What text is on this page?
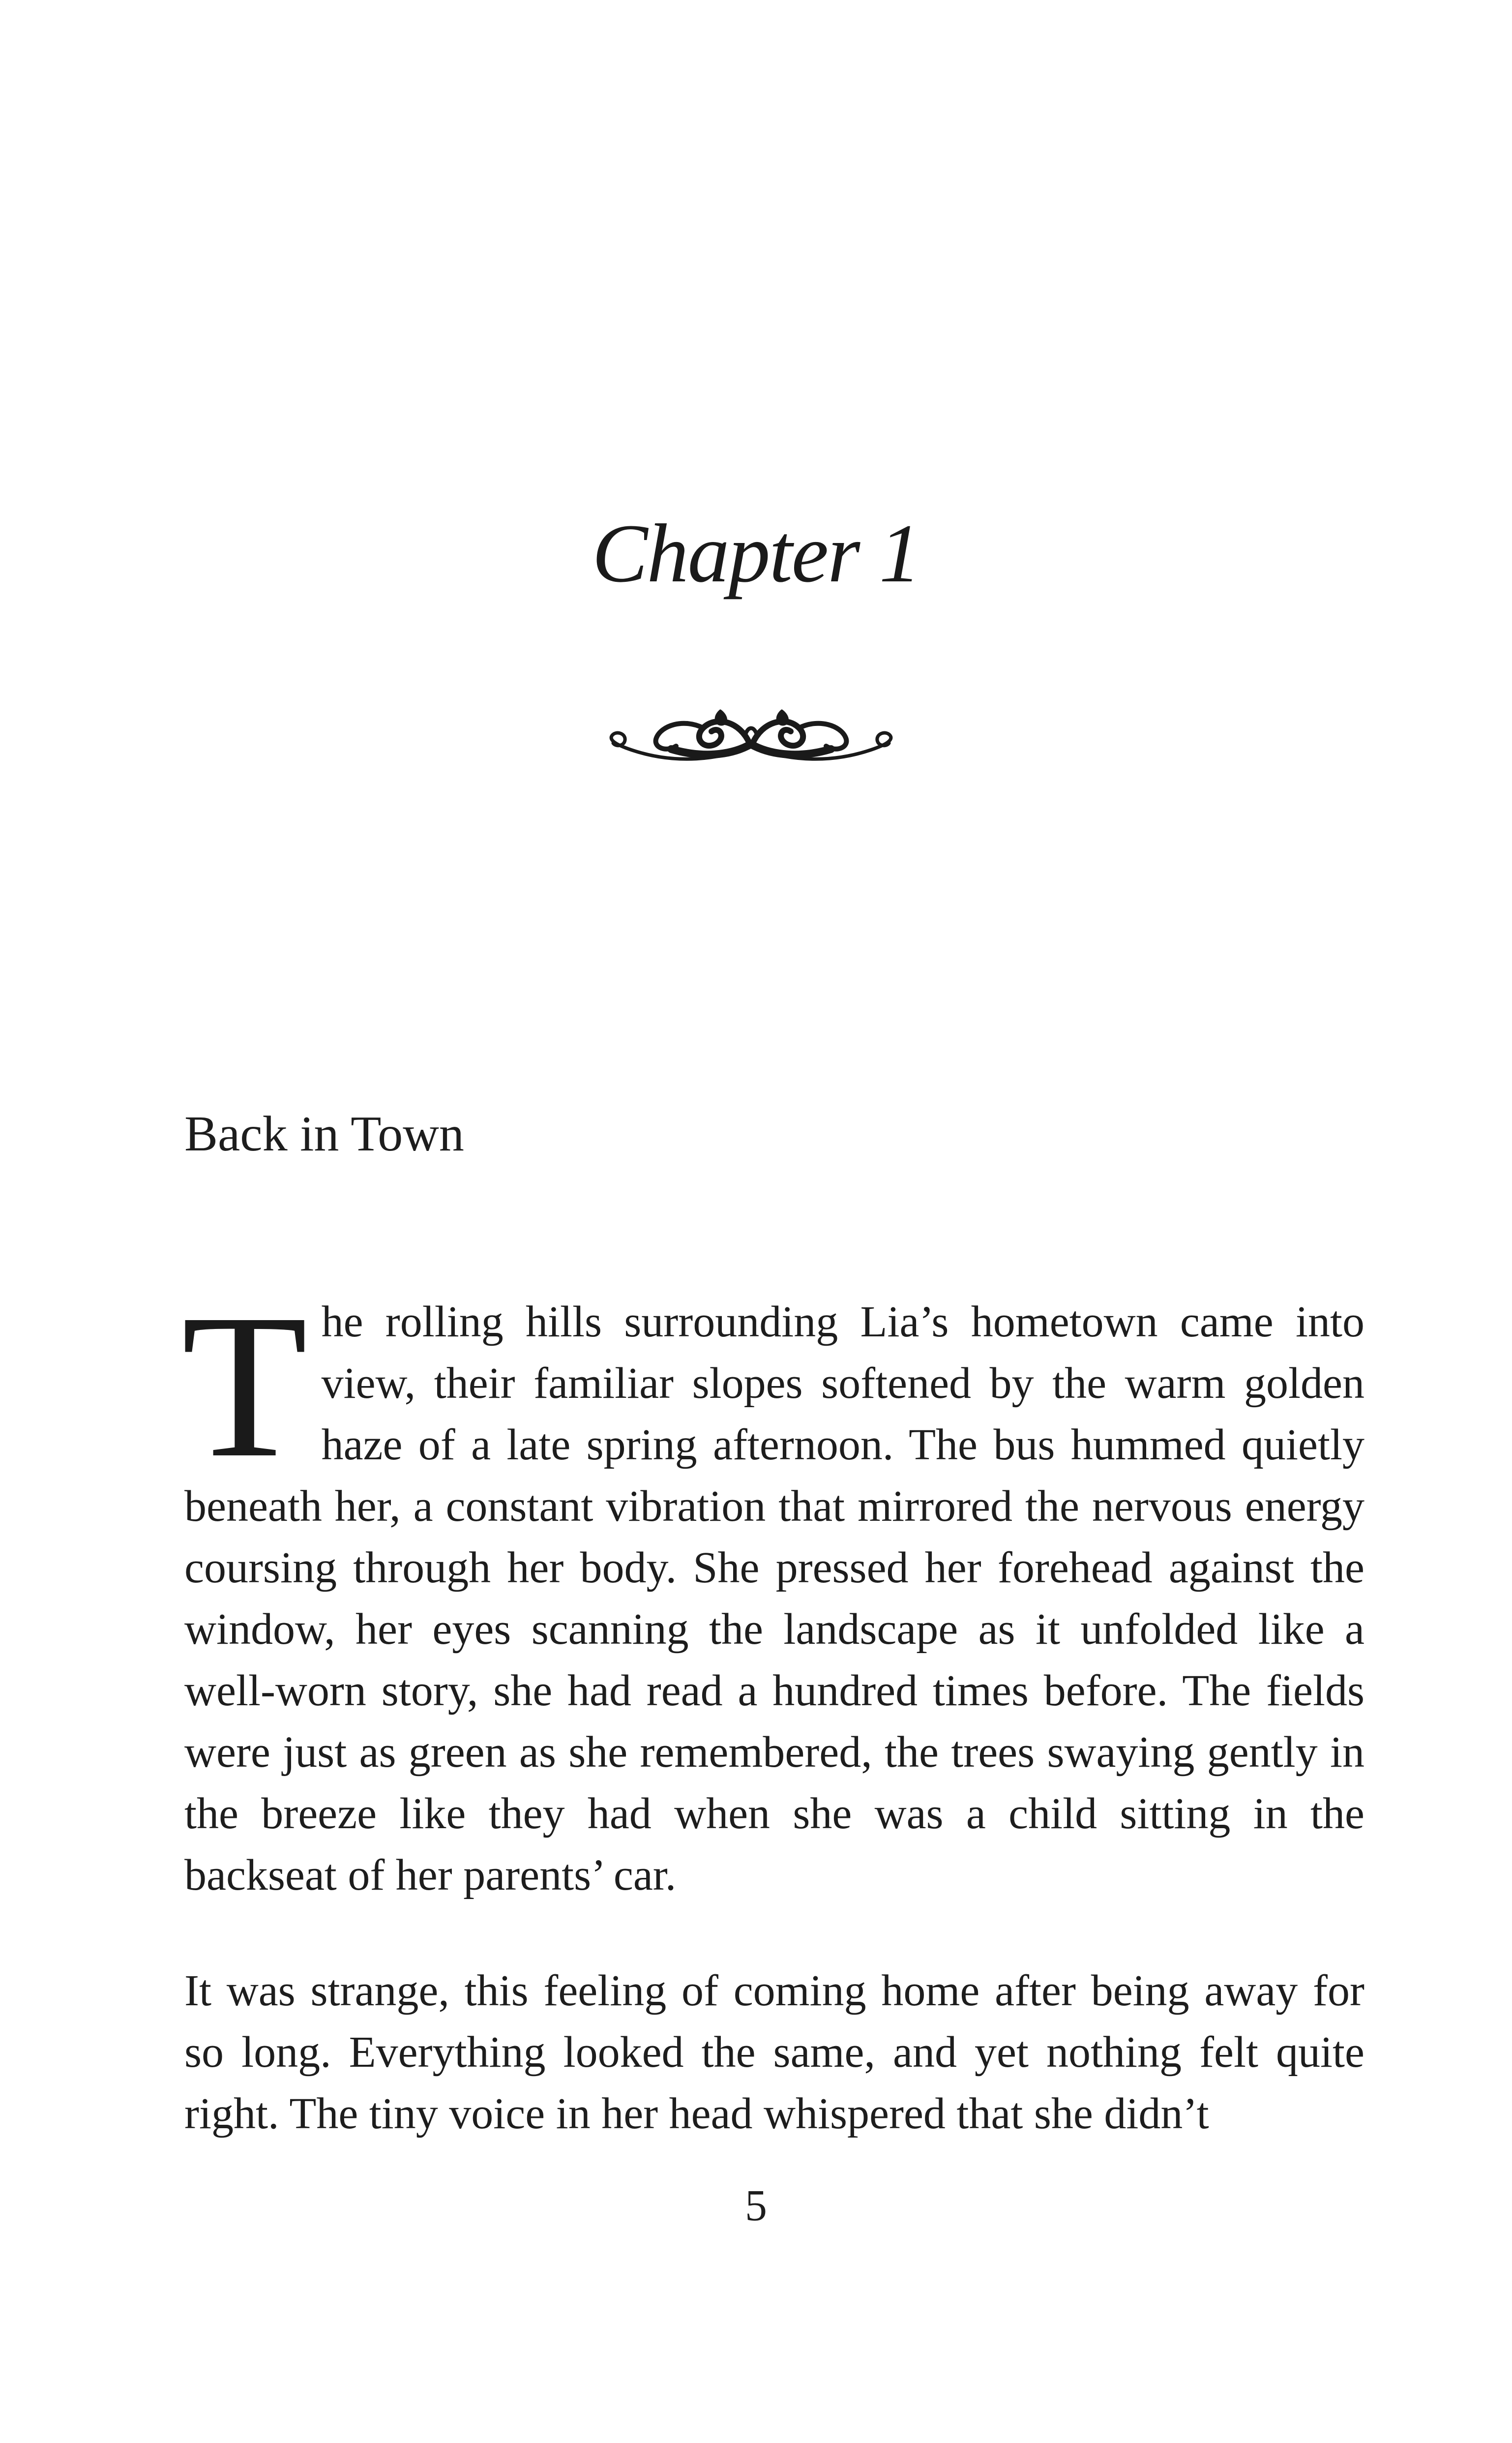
Chapter 1
Back in Town
The rolling hills surrounding Lia’s hometown came into view, their familiar slopes softened by the warm golden haze of a late spring afternoon. The bus hummed quietly beneath her, a constant vibration that mirrored the nervous energy coursing through her body. She pressed her forehead against the window, her eyes scanning the landscape as it unfolded like a well-worn story, she had read a hundred times before. The fields were just as green as she remembered, the trees swaying gently in the breeze like they had when she was a child sitting in the backseat of her parents’ car.
It was strange, this feeling of coming home after being away for so long. Everything looked the same, and yet nothing felt quite right. The tiny voice in her head whispered that she didn’t
5
